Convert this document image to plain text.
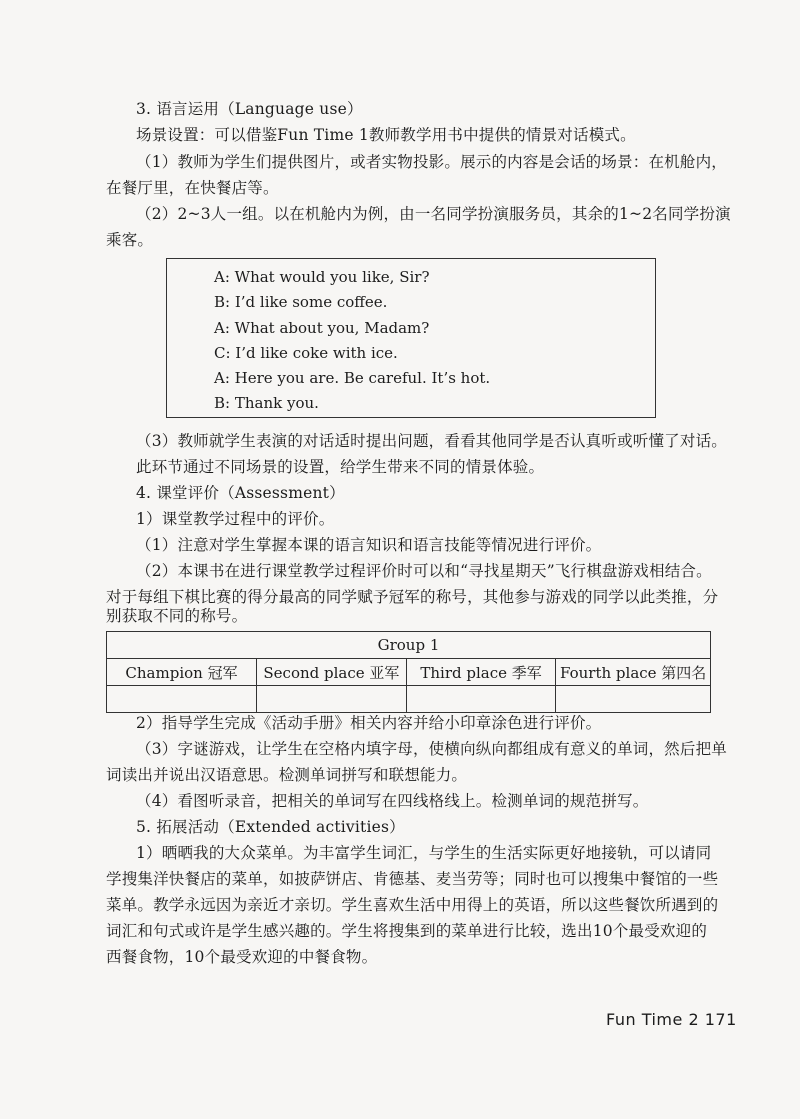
3. 语言运用（Language use）
场景设置：可以借鉴Fun Time 1教师教学用书中提供的情景对话模式。
（1）教师为学生们提供图片，或者实物投影。展示的内容是会话的场景：在机舱内，
在餐厅里，在快餐店等。
（2）2~3人一组。以在机舱内为例，由一名同学扮演服务员，其余的1~2名同学扮演
乘客。
A: What would you like, Sir?
B: I’d like some coffee.
A: What about you, Madam?
C: I’d like coke with ice.
A: Here you are. Be careful. It’s hot.
B: Thank you.
（3）教师就学生表演的对话适时提出问题，看看其他同学是否认真听或听懂了对话。
此环节通过不同场景的设置，给学生带来不同的情景体验。
4. 课堂评价（Assessment）
1）课堂教学过程中的评价。
（1）注意对学生掌握本课的语言知识和语言技能等情况进行评价。
（2）本课书在进行课堂教学过程评价时可以和“寻找星期天”飞行棋盘游戏相结合。
对于每组下棋比赛的得分最高的同学赋予冠军的称号，其他参与游戏的同学以此类推，分
别获取不同的称号。
Group 1			
Champion 冠军	Second place 亚军	Third place 季军	Fourth place 第四名

2）指导学生完成《活动手册》相关内容并给小印章涂色进行评价。
（3）字谜游戏，让学生在空格内填字母，使横向纵向都组成有意义的单词，然后把单
词读出并说出汉语意思。检测单词拼写和联想能力。
（4）看图听录音，把相关的单词写在四线格线上。检测单词的规范拼写。
5. 拓展活动（Extended activities）
1）晒晒我的大众菜单。为丰富学生词汇，与学生的生活实际更好地接轨，可以请同
学搜集洋快餐店的菜单，如披萨饼店、肯德基、麦当劳等；同时也可以搜集中餐馆的一些
菜单。教学永远因为亲近才亲切。学生喜欢生活中用得上的英语，所以这些餐饮所遇到的
词汇和句式或许是学生感兴趣的。学生将搜集到的菜单进行比较，选出10个最受欢迎的
西餐食物，10个最受欢迎的中餐食物。
Fun Time 2 171
